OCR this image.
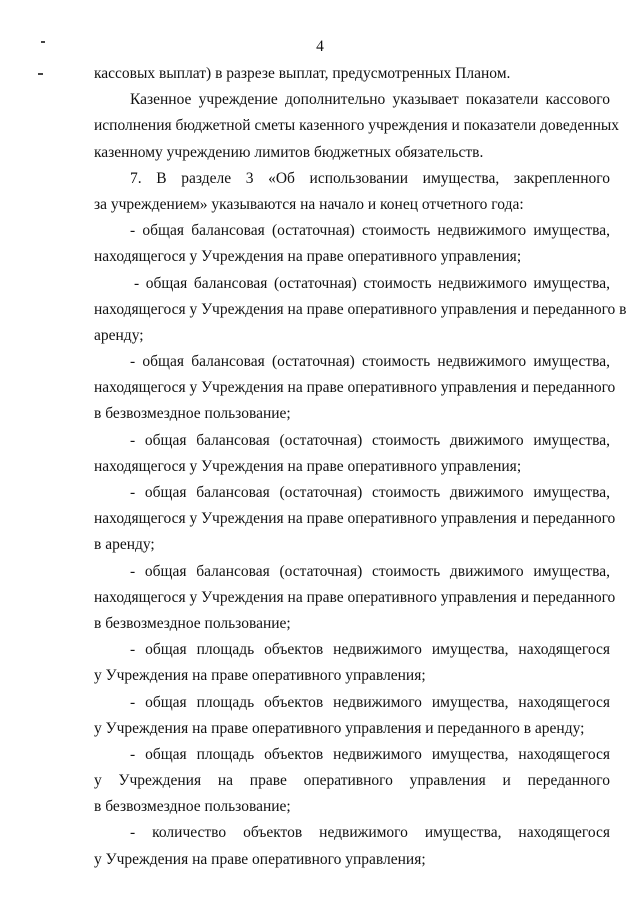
4
кассовых выплат) в разрезе выплат, предусмотренных Планом.
Казенное учреждение дополнительно указывает показатели кассового
исполнения бюджетной сметы казенного учреждения и показатели доведенных
казенному учреждению лимитов бюджетных обязательств.
7. В разделе 3 «Об использовании имущества, закрепленного
за учреждением» указываются на начало и конец отчетного года:
- общая балансовая (остаточная) стоимость недвижимого имущества,
находящегося у Учреждения на праве оперативного управления;
- общая балансовая (остаточная) стоимость недвижимого имущества,
находящегося у Учреждения на праве оперативного управления и переданного в
аренду;
- общая балансовая (остаточная) стоимость недвижимого имущества,
находящегося у Учреждения на праве оперативного управления и переданного
в безвозмездное пользование;
- общая балансовая (остаточная) стоимость движимого имущества,
находящегося у Учреждения на праве оперативного управления;
- общая балансовая (остаточная) стоимость движимого имущества,
находящегося у Учреждения на праве оперативного управления и переданного
в аренду;
- общая балансовая (остаточная) стоимость движимого имущества,
находящегося у Учреждения на праве оперативного управления и переданного
в безвозмездное пользование;
- общая площадь объектов недвижимого имущества, находящегося
у Учреждения на праве оперативного управления;
- общая площадь объектов недвижимого имущества, находящегося
у Учреждения на праве оперативного управления и переданного в аренду;
- общая площадь объектов недвижимого имущества, находящегося
у Учреждения на праве оперативного управления и переданного
в безвозмездное пользование;
- количество объектов недвижимого имущества, находящегося
у Учреждения на праве оперативного управления;
